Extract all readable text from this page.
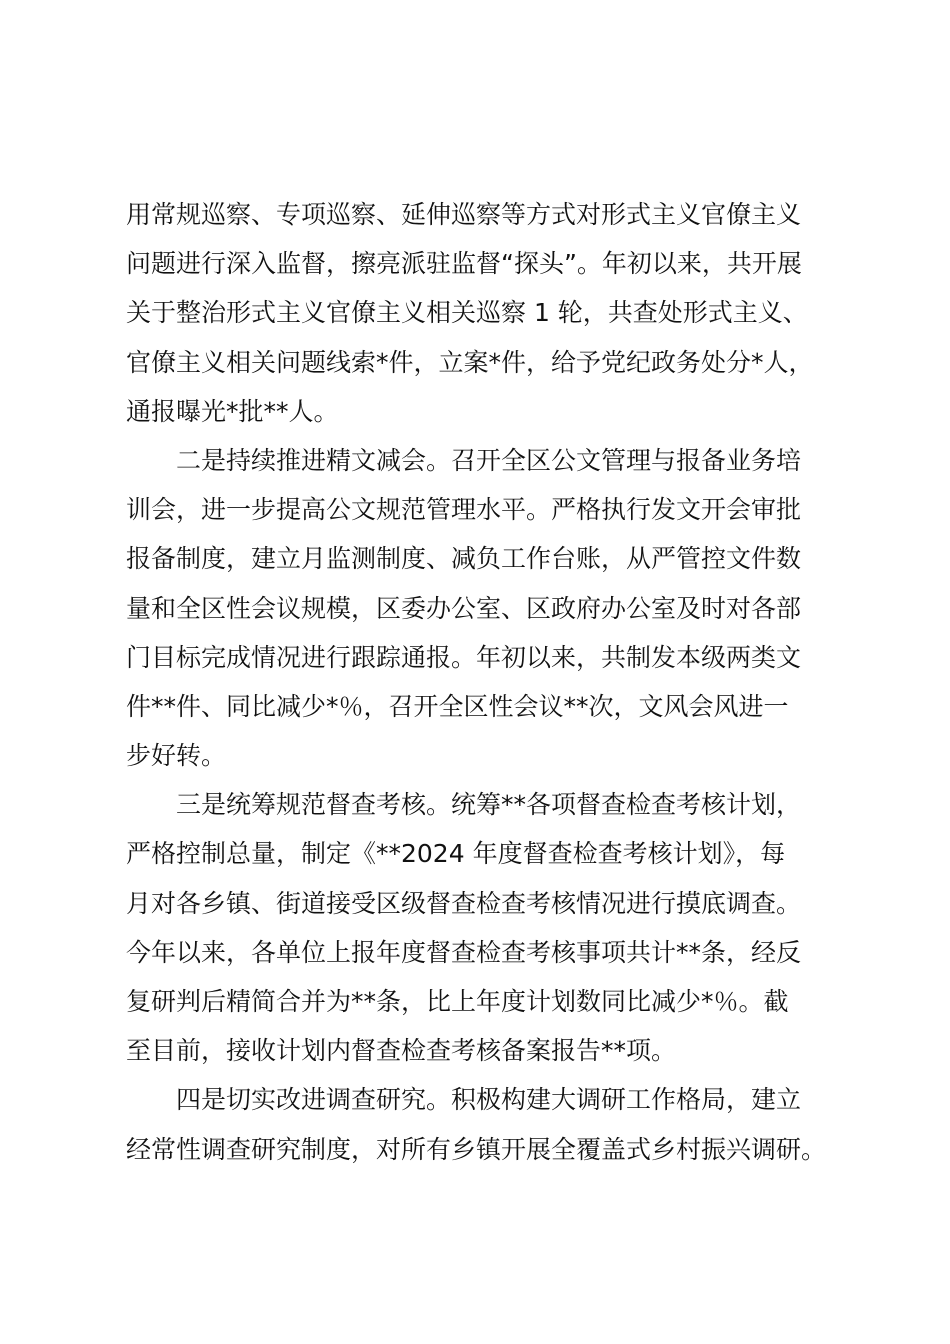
用常规巡察、专项巡察、延伸巡察等方式对形式主义官僚主义
问题进行深入监督，擦亮派驻监督“探头”。年初以来，共开展
关于整治形式主义官僚主义相关巡察 1 轮，共查处形式主义、
官僚主义相关问题线索*件，立案*件，给予党纪政务处分*人，
通报曝光*批**人。
二是持续推进精文减会。召开全区公文管理与报备业务培
训会，进一步提高公文规范管理水平。严格执行发文开会审批
报备制度，建立月监测制度、减负工作台账，从严管控文件数
量和全区性会议规模，区委办公室、区政府办公室及时对各部
门目标完成情况进行跟踪通报。年初以来，共制发本级两类文
件**件、同比减少*％，召开全区性会议**次，文风会风进一
步好转。
三是统筹规范督查考核。统筹**各项督查检查考核计划，
严格控制总量，制定《**2024 年度督查检查考核计划》，每
月对各乡镇、街道接受区级督查检查考核情况进行摸底调查。
今年以来，各单位上报年度督查检查考核事项共计**条，经反
复研判后精简合并为**条，比上年度计划数同比减少*％。截
至目前，接收计划内督查检查考核备案报告**项。
四是切实改进调查研究。积极构建大调研工作格局，建立
经常性调查研究制度，对所有乡镇开展全覆盖式乡村振兴调研。
